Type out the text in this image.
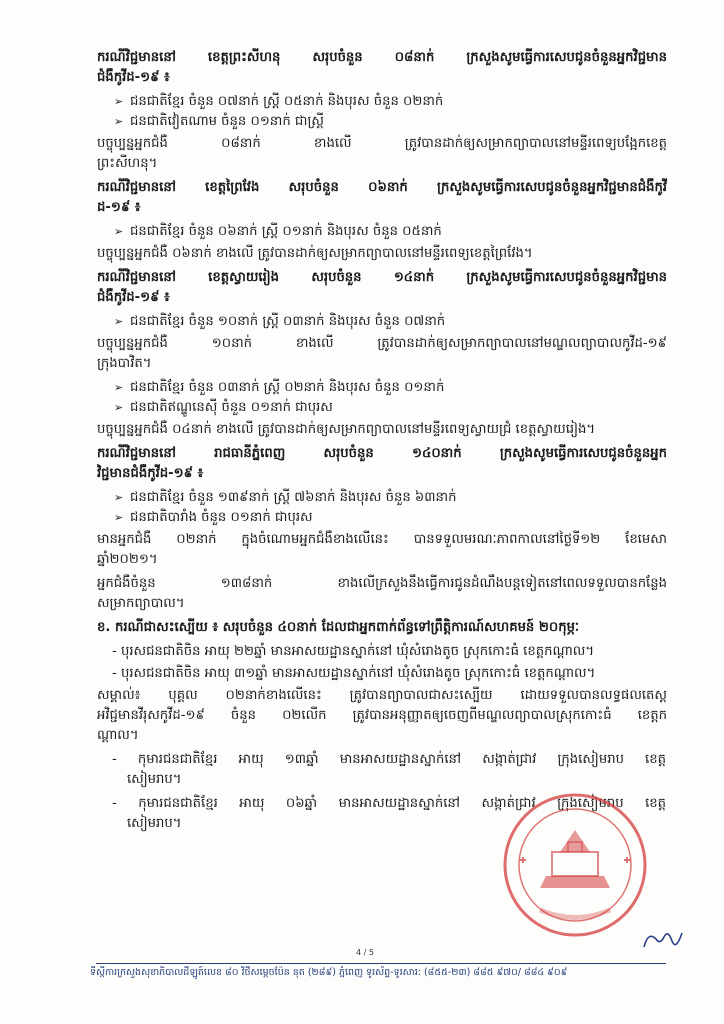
ករណីវិជ្ជមាននៅ ខេត្តព្រះសីហនុ សរុបចំនួន ០៨នាក់ ក្រសួងសូមធ្វើការសេបជូនចំនួនអ្នកវិជ្ជមាន
ជំងឺកូវីដ-១៩ ៖
➢ ជនជាតិខ្មែរ ចំនួន ០៧នាក់ ស្ត្រី ០៥នាក់ និងបុរស ចំនួន ០២នាក់
➢ ជនជាតិវៀតណាម ចំនួន ០១នាក់ ជាស្ត្រី
បច្ចុប្បន្នអ្នកជំងឺ ០៨នាក់ ខាងលើ ត្រូវបានដាក់ឲ្យសម្រាកព្យាបាលនៅមន្ទីរពេទ្យបង្អែកខេត្ត
ព្រះសីហនុ។
ករណីវិជ្ជមាននៅ ខេត្តព្រៃវែង សរុបចំនួន ០៦នាក់ ក្រសួងសូមធ្វើការសេបជូនចំនួនអ្នកវិជ្ជមានជំងឺកូវី
ដ-១៩ ៖
➢ ជនជាតិខ្មែរ ចំនួន ០៦នាក់ ស្ត្រី ០១នាក់ និងបុរស ចំនួន ០៥នាក់
បច្ចុប្បន្នអ្នកជំងឺ ០៦នាក់ ខាងលើ ត្រូវបានដាក់ឲ្យសម្រាកព្យាបាលនៅមន្ទីរពេទ្យខេត្តព្រៃវែង។
ករណីវិជ្ជមាននៅ ខេត្តស្វាយរៀង សរុបចំនួន ១៤នាក់ ក្រសួងសូមធ្វើការសេបជូនចំនួនអ្នកវិជ្ជមាន
ជំងឺកូវីដ-១៩ ៖
➢ ជនជាតិខ្មែរ ចំនួន ១០នាក់ ស្ត្រី ០៣នាក់ និងបុរស ចំនួន ០៧នាក់
បច្ចុប្បន្នអ្នកជំងឺ ១០នាក់ ខាងលើ ត្រូវបានដាក់ឲ្យសម្រាកព្យាបាលនៅមណ្ឌលព្យាបាលកូវីដ-១៩
ក្រុងបាវិត។
➢ ជនជាតិខ្មែរ ចំនួន ០៣នាក់ ស្ត្រី ០២នាក់ និងបុរស ចំនួន ០១នាក់
➢ ជនជាតិឥណ្ឌូនេស៊ី ចំនួន ០១នាក់ ជាបុរស
បច្ចុប្បន្នអ្នកជំងឺ ០៤នាក់ ខាងលើ ត្រូវបានដាក់ឲ្យសម្រាកព្យាបាលនៅមន្ទីរពេទ្យស្វាយជ្រំ ខេត្តស្វាយរៀង។
ករណីវិជ្ជមាននៅ រាជធានីភ្នំពេញ សរុបចំនួន ១៤០នាក់ ក្រសួងសូមធ្វើការសេបជូនចំនួនអ្នក
វិជ្ជមានជំងឺកូវីដ-១៩ ៖
➢ ជនជាតិខ្មែរ ចំនួន ១៣៩នាក់ ស្ត្រី ៧៦នាក់ និងបុរស ចំនួន ៦៣នាក់
➢ ជនជាតិបារាំង ចំនួន ០១នាក់ ជាបុរស
មានអ្នកជំងឺ ០២នាក់ ក្នុងចំណោមអ្នកជំងឺខាងលើនេះ បានទទួលមរណៈភាពកាលនៅថ្ងៃទី១២ ខែមេសា
ឆ្នាំ២០២១។
អ្នកជំងឺចំនួន ១៣៨នាក់ ខាងលើក្រសួងនឹងធ្វើការជូនដំណឹងបន្តទៀតនៅពេលទទួលបានកន្លែង
សម្រាកព្យាបាល។
ខ. ករណីជាសះស្បើយ ៖ សរុបចំនួន ៤០នាក់ ដែលជាអ្នកពាក់ព័ន្ធទៅព្រឹត្តិការណ៍សហគមន៍ ២០កុម្ភៈ
- បុរសជនជាតិចិន អាយុ ២២ឆ្នាំ មានអាសយដ្ឋានស្នាក់នៅ ឃុំសំរោងតូច ស្រុកកោះធំ ខេត្តកណ្តាល។
- បុរសជនជាតិចិន អាយុ ៣១ឆ្នាំ មានអាសយដ្ឋានស្នាក់នៅ ឃុំសំរោងតូច ស្រុកកោះធំ ខេត្តកណ្តាល។
សម្គាល់៖ បុគ្គល ០២នាក់ខាងលើនេះ ត្រូវបានព្យាបាលជាសះស្បើយ ដោយទទួលបានលទ្ធផលតេស្ត
អវិជ្ជមានវីរុសកូវីដ-១៩ ចំនួន ០២លើក ត្រូវបានអនុញ្ញាតឲ្យចេញពីមណ្ឌលព្យាបាលស្រុកកោះធំ ខេត្តក
ណ្តាល។
- កុមារជនជាតិខ្មែរ អាយុ ១៣ឆ្នាំ មានអាសយដ្ឋានស្នាក់នៅ សង្កាត់ជ្រាវ ក្រុងសៀមរាប ខេត្ត
សៀមរាប។
- កុមារជនជាតិខ្មែរ អាយុ ០៦ឆ្នាំ មានអាសយដ្ឋានស្នាក់នៅ សង្កាត់ជ្រាវ ក្រុងសៀមរាប ខេត្ត
សៀមរាប។
4 / 5
ទីស្តីការក្រសួងសុខាភិបាលដីឡូត៍លេខ ៨០ វិថីសម្តេចប៉ែន នុត (២៨៩) ភ្នំពេញ ទូរស័ព្ទ-ទូរសារ: (៨៥៥-២៣) ៨៨៥ ៩៧០/ ៨៨៤ ៩០៩
